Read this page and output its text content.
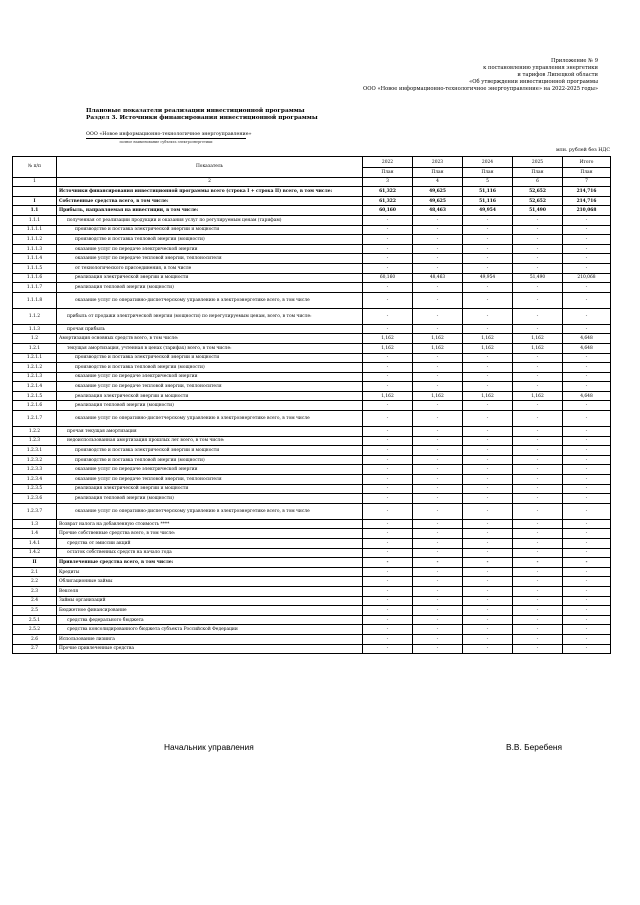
Приложение № 9
к постановлению управления энергетики
и тарифов Липецкой области
«Об утверждении инвестиционной программы
ООО «Новое информационно-технологичное энергоуправление» на 2022-2025 годы»
Плановые показатели реализации инвестиционной программы
Раздел 3. Источники финансирования инвестиционной программы
ООО «Новое информационно-технологичное энергоуправление»
полное наименование субъекта электроэнергетики
млн. рублей без НДС
№ п/п	Показатель	2022	2023	2024	2025	Итого
		План	План	План	План	План
1	2	3	4	5	6	7
	Источники финансирования инвестиционной программы всего (строка I + строка II) всего, в том числе:	61,322	49,625	51,116	52,652	214,716
I	Собственные средства всего, в том числе:	61,322	49,625	51,116	52,652	214,716
1.1	Прибыль, направляемая на инвестиции, в том числе:	60,160	48,463	49,954	51,490	210,068
1.1.1	полученная от реализации продукции и оказания услуг по регулируемым ценам (тарифам)	-	-	-	-	-
1.1.1.1	производство и поставка электрической энергии и мощности	-	-	-	-	-
1.1.1.2	производство и поставка тепловой энергии (мощности)	-	-	-	-	-
1.1.1.3	оказание услуг по передаче электрической энергии	-	-	-	-	-
1.1.1.4	оказание услуг по передаче тепловой энергии, теплоносителя	-	-	-	-	-
1.1.1.5	от технологического присоединения, в том числе	-	-	-	-	-
1.1.1.6	реализация электрической энергии и мощности	60,160	48,463	49,954	51,490	210,068
1.1.1.7	реализация тепловой энергии (мощности)	-	-	-	-	-
1.1.1.8	оказание услуг по оперативно-диспетчерскому управлению в электроэнергетике всего, в том числе	-	-	-	-	-
1.1.2	прибыль от продажи электрической энергии (мощности) по нерегулируемым ценам, всего, в том числе:	-	-	-	-	-
1.1.3	прочая прибыль	-	-	-	-	-
1.2	Амортизация основных средств всего, в том числе:	1,162	1,162	1,162	1,162	4,648
1.2.1	текущая амортизация, учтенная в ценах (тарифах) всего, в том числе:	1,162	1,162	1,162	1,162	4,648
1.2.1.1	производство и поставка электрической энергии и мощности	-	-	-	-	-
1.2.1.2	производство и поставка тепловой энергии (мощности)	-	-	-	-	-
1.2.1.3	оказание услуг по передаче электрической энергии	-	-	-	-	-
1.2.1.4	оказание услуг по передаче тепловой энергии, теплоносителя	-	-	-	-	-
1.2.1.5	реализация электрической энергии и мощности	1,162	1,162	1,162	1,162	4,648
1.2.1.6	реализация тепловой энергии (мощности)	-	-	-	-	-
1.2.1.7	оказание услуг по оперативно-диспетчерскому управлению в электроэнергетике всего, в том числе	-	-	-	-	-
1.2.2	прочая текущая амортизация	-	-	-	-	-
1.2.3	недоиспользованная амортизация прошлых лет всего, в том числе:	-	-	-	-	-
1.2.3.1	производство и поставка электрической энергии и мощности	-	-	-	-	-
1.2.3.2	производство и поставка тепловой энергии (мощности)	-	-	-	-	-
1.2.3.3	оказание услуг по передаче электрической энергии	-	-	-	-	-
1.2.3.4	оказание услуг по передаче тепловой энергии, теплоносителя	-	-	-	-	-
1.2.3.5	реализация электрической энергии и мощности	-	-	-	-	-
1.2.3.6	реализация тепловой энергии (мощности)	-	-	-	-	-
1.2.3.7	оказание услуг по оперативно-диспетчерскому управлению в электроэнергетике всего, в том числе	-	-	-	-	-
1.3	Возврат налога на добавленную стоимость ****	-	-	-	-	-
1.4	Прочие собственные средства всего, в том числе:	-	-	-	-	-
1.4.1	средства от эмиссии акций	-	-	-	-	-
1.4.2	остаток собственных средств на начало года	-	-	-	-	-
II	Привлеченные средства всего, в том числе:	-	-	-	-	-
2.1	Кредиты	-	-	-	-	-
2.2	Облигационные займы	-	-	-	-	-
2.3	Векселя	-	-	-	-	-
2.4	Займы организаций	-	-	-	-	-
2.5	Бюджетное финансирование	-	-	-	-	-
2.5.1	средства федерального бюджета	-	-	-	-	-
2.5.2	средства консолидированного бюджета субъекта Российской Федерации	-	-	-	-	-
2.6	Использование лизинга	-	-	-	-	-
2.7	Прочие привлеченные средства	-	-	-	-	-
Начальник управления	В.В. Беребеня
